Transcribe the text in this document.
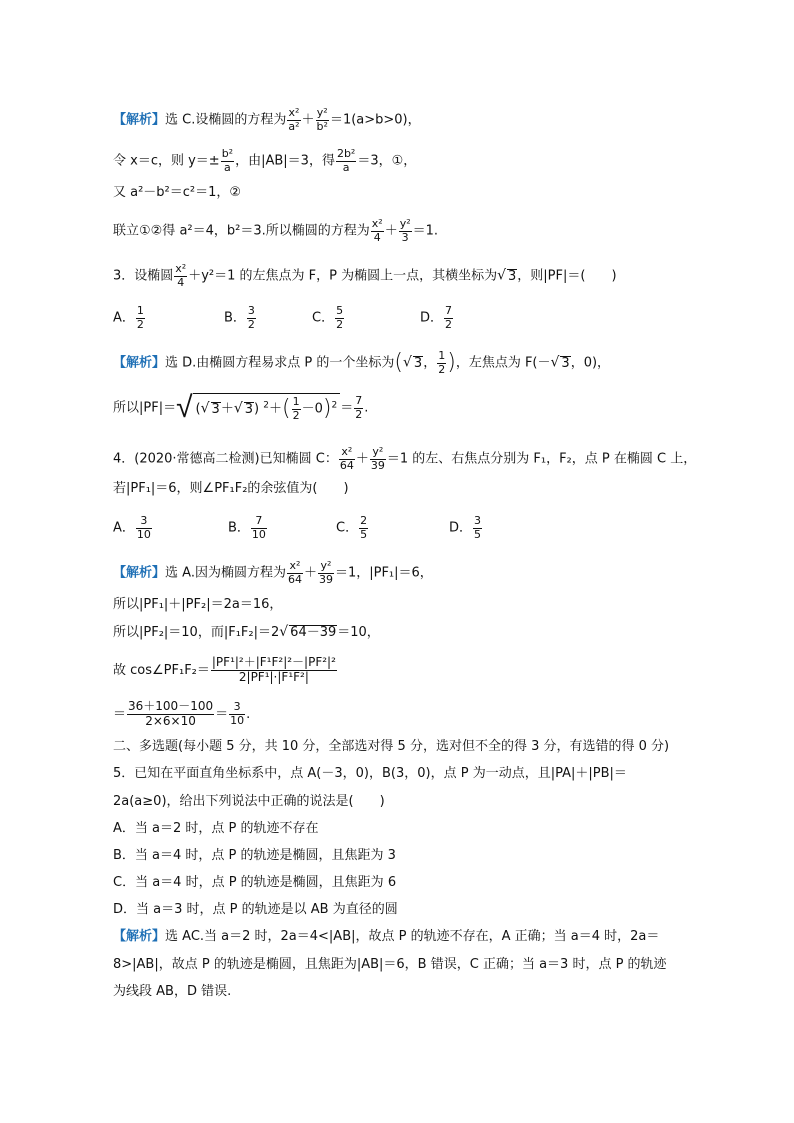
【解析】选 C.设椭圆的方程为 $\frac{\text{x²}}{\text{a²}} + \frac{\text{y²}}{\text{b²}} =1(a>b>0)$，
令 x＝c，则 $y=\pm \frac{\text{b²}}{a}$ ，由|AB|＝3，得 $\frac{\text{2b²}}{a} =3$，①，
又 a²－b²＝c²＝1，②
联立①②得 a²＝4，b²＝3.所以椭圆的方程为 $\frac{\text{x²}}{4} + \frac{\text{y²}}{3} =1$.
3．设椭圆 $\frac{\text{x²}}{4} +y^2=1$ 的左焦点为 F，P 为椭圆上一点，其横坐标为√ 3，则|PF|＝(　　)
A． $\frac{1}{2}$	B． $\frac{3}{2}$	C． $\frac{5}{2}$	D． $\frac{7}{2}$
【解析】选 D.由椭圆方程易求点 P 的一个坐标为(√ 3， $\frac{1}{2}$ )，左焦点为 F(－√ 3，0)，
所以|PF|＝√ (√ 3＋√ 3) $^2+( \frac{1}{2} -0)^2 = \frac{7}{2}$ .
4．(2020·常德高二检测)已知椭圆 C： $\frac{\text{x²}}{64} + \frac{\text{y²}}{39} =1$ 的左、右焦点分别为 F₁，F₂，点 P 在椭圆 C 上，
若|PF₁|＝6，则∠PF₁F₂的余弦值为(　　)
A． $\frac{3}{10}$	B． $\frac{7}{10}$	C． $\frac{2}{5}$	D． $\frac{3}{5}$
【解析】选 A.因为椭圆方程为 $\frac{\text{x²}}{64} + \frac{\text{y²}}{39} =1$，|PF₁|＝6，
所以|PF₁|＋|PF₂|＝2a＝16，
所以|PF₂|＝10，而|F₁F₂|＝2√ 64－39＝10，
故 cos∠PF₁F₂＝ $\frac{\text{|PF¹|²＋|F¹F²|²－|PF²|²}}{\text{2|PF¹|·|F¹F²|}}$
＝ $\frac{36+100-100}{2\times 6\times 10} = \frac{3}{10}$ .
二、多选题(每小题 5 分，共 10 分，全部选对得 5 分，选对但不全的得 3 分，有选错的得 0 分)
5．已知在平面直角坐标系中，点 A(－3，0)，B(3，0)，点 P 为一动点，且|PA|＋|PB|＝
2a(a≥0)，给出下列说法中正确的说法是(　　)
A．当 a＝2 时，点 P 的轨迹不存在
B．当 a＝4 时，点 P 的轨迹是椭圆，且焦距为 3
C．当 a＝4 时，点 P 的轨迹是椭圆，且焦距为 6
D．当 a＝3 时，点 P 的轨迹是以 AB 为直径的圆
【解析】选 AC.当 a＝2 时，2a＝4<|AB|，故点 P 的轨迹不存在，A 正确；当 a＝4 时，2a＝
8>|AB|，故点 P 的轨迹是椭圆，且焦距为|AB|＝6，B 错误，C 正确；当 a＝3 时，点 P 的轨迹
为线段 AB，D 错误.
